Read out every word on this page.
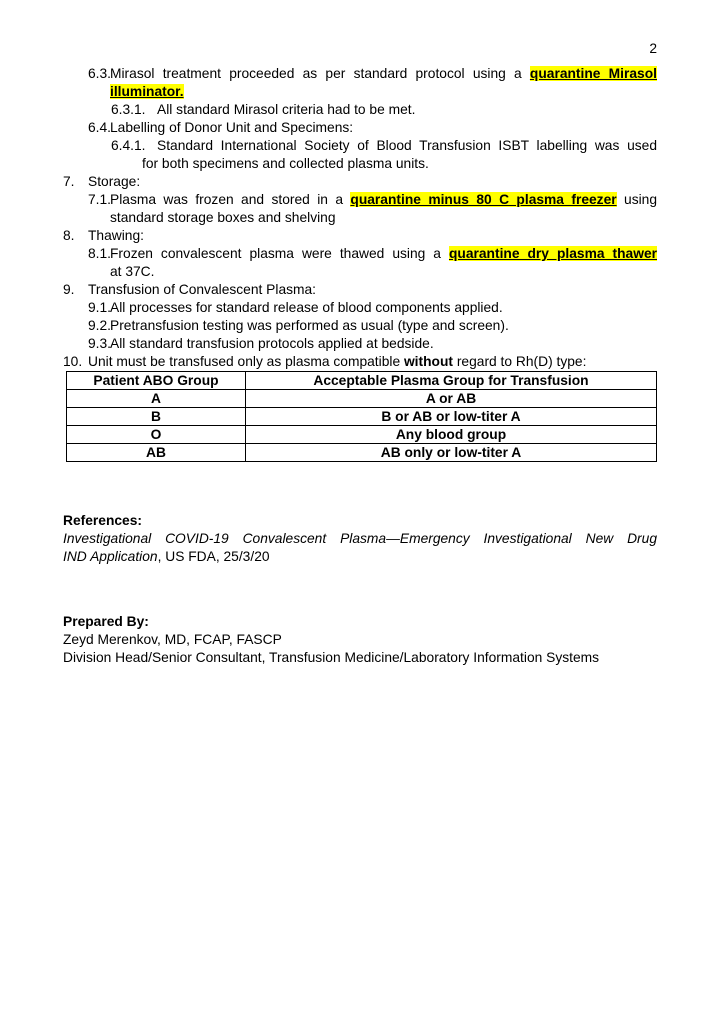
2
6.3.
Mirasol treatment proceeded as per standard protocol using a quarantine Mirasol
illuminator.
6.3.1. All standard Mirasol criteria had to be met.
6.4.
Labelling of Donor Unit and Specimens:
6.4.1. Standard International Society of Blood Transfusion ISBT labelling was used
for both specimens and collected plasma units.
7. Storage:
7.1.
Plasma was frozen and stored in a quarantine minus 80 C plasma freezer using
standard storage boxes and shelving
8. Thawing:
8.1.
Frozen convalescent plasma were thawed using a quarantine dry plasma thawer
at 37C.
9. Transfusion of Convalescent Plasma:
9.1.
All processes for standard release of blood components applied.
9.2.
Pretransfusion testing was performed as usual (type and screen).
9.3.
All standard transfusion protocols applied at bedside.
10. Unit must be transfused only as plasma compatible without regard to Rh(D) type:
Patient ABO Group	Acceptable Plasma Group for Transfusion
A	A or AB
B	B or AB or low-titer A
O	Any blood group
AB	AB only or low-titer A
References:
Investigational COVID-19 Convalescent Plasma—Emergency Investigational New Drug
IND Application, US FDA, 25/3/20
Prepared By:
Zeyd Merenkov, MD, FCAP, FASCP
Division Head/Senior Consultant, Transfusion Medicine/Laboratory Information Systems
